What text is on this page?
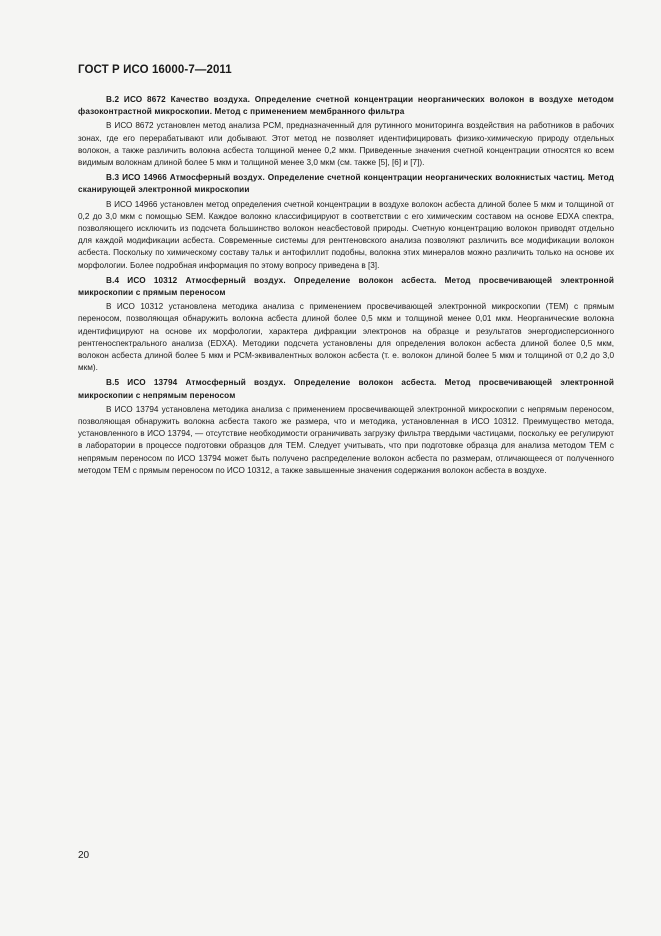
ГОСТ Р ИСО 16000-7—2011

B.2 ИСО 8672 Качество воздуха. Определение счетной концентрации неорганических волокон в воздухе методом фазоконтрастной микроскопии. Метод с применением мембранного фильтра

В ИСО 8672 установлен метод анализа PCM, предназначенный для рутинного мониторинга воздействия на работников в рабочих зонах, где его перерабатывают или добывают. Этот метод не позволяет идентифицировать физико-химическую природу отдельных волокон, а также различить волокна асбеста толщиной менее 0,2 мкм. Приведенные значения счетной концентрации относятся ко всем видимым волокнам длиной более 5 мкм и толщиной менее 3,0 мкм (см. также [5], [6] и [7]).

B.3 ИСО 14966 Атмосферный воздух. Определение счетной концентрации неорганических волокнистых частиц. Метод сканирующей электронной микроскопии

В ИСО 14966 установлен метод определения счетной концентрации в воздухе волокон асбеста длиной более 5 мкм и толщиной от 0,2 до 3,0 мкм с помощью SEM. Каждое волокно классифицируют в соответствии с его химическим составом на основе EDXA спектра, позволяющего исключить из подсчета большинство волокон неасбестовой природы. Счетную концентрацию волокон приводят отдельно для каждой модификации асбеста. Современные системы для рентгеновского анализа позволяют различить все модификации волокон асбеста. Поскольку по химическому составу тальк и антофиллит подобны, волокна этих минералов можно различить только на основе их морфологии. Более подробная информация по этому вопросу приведена в [3].

B.4 ИСО 10312 Атмосферный воздух. Определение волокон асбеста. Метод просвечивающей электронной микроскопии с прямым переносом

В ИСО 10312 установлена методика анализа с применением просвечивающей электронной микроскопии (TEM) с прямым переносом, позволяющая обнаружить волокна асбеста длиной более 0,5 мкм и толщиной менее 0,01 мкм. Неорганические волокна идентифицируют на основе их морфологии, характера дифракции электронов на образце и результатов энергодисперсионного рентгеноспектрального анализа (EDXA). Методики подсчета установлены для определения волокон асбеста длиной более 0,5 мкм, волокон асбеста длиной более 5 мкм и PCM-эквивалентных волокон асбеста (т. е. волокон длиной более 5 мкм и толщиной от 0,2 до 3,0 мкм).

B.5 ИСО 13794 Атмосферный воздух. Определение волокон асбеста. Метод просвечивающей электронной микроскопии с непрямым переносом

В ИСО 13794 установлена методика анализа с применением просвечивающей электронной микроскопии с непрямым переносом, позволяющая обнаружить волокна асбеста такого же размера, что и методика, установленная в ИСО 10312. Преимущество метода, установленного в ИСО 13794, — отсутствие необходимости ограничивать загрузку фильтра твердыми частицами, поскольку ее регулируют в лаборатории в процессе подготовки образцов для TEM. Следует учитывать, что при подготовке образца для анализа методом TEM с непрямым переносом по ИСО 13794 может быть получено распределение волокон асбеста по размерам, отличающееся от полученного методом TEM с прямым переносом по ИСО 10312, а также завышенные значения содержания волокон асбеста в воздухе.

20
